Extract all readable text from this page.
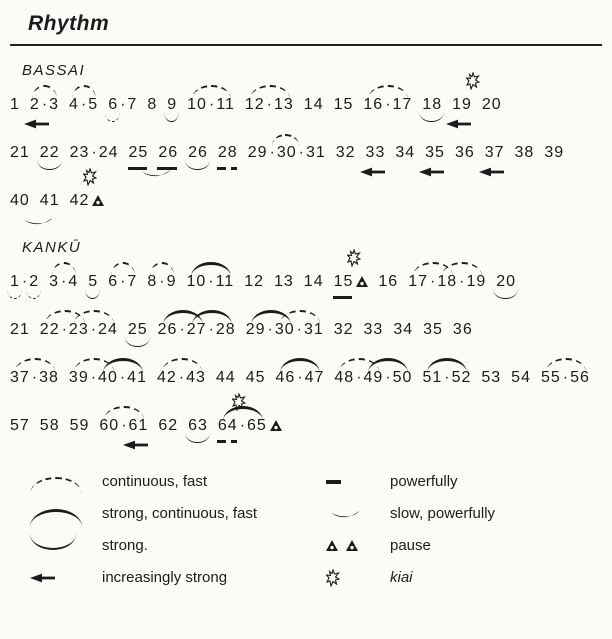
Rhythm
BASSAI
1 2 · 3 4 · 5 6 · 7 8 9 10 · 11 12 · 13 14 15 16 · 17 18 19 20
21 22 23 · 24 25 26 26 28 29 · 30 · 31 32 33 34 35 36 37 38 39
40 41 42
KANKŪ
1 · 2 3 · 4 5 6 · 7 8 · 9 10 · 11 12 13 14 15	16 17 · 18 · 19 20
21 22 · 23 · 24 25 26 · 27 · 28 29 · 30 · 31 32 33 34 35 36
37 · 38 39 · 40 · 41 42 · 43 44 45 46 · 47 48 · 49 · 50 51 · 52 53 54 55 · 56
57 58 59 60 · 61 62 63 64 · 65
continuous, fast
strong, continuous, fast
strong.
increasingly strong
powerfully
slow, powerfully
pause
kiai
